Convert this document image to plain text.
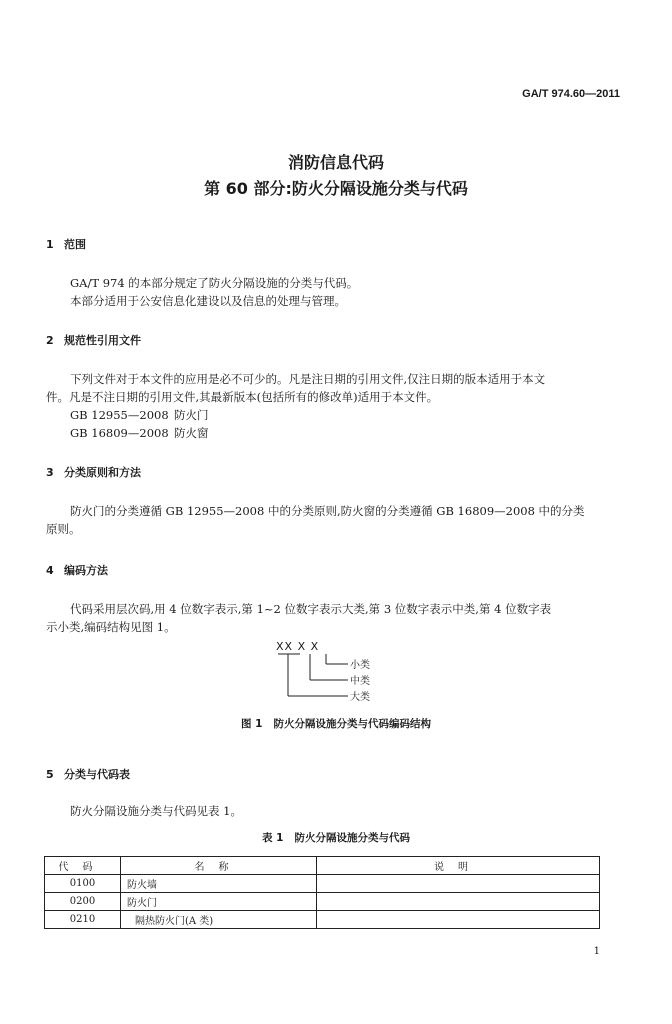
GA/T 974.60—2011
消防信息代码
第 60 部分:防火分隔设施分类与代码
1 范围
GA/T 974 的本部分规定了防火分隔设施的分类与代码。
本部分适用于公安信息化建设以及信息的处理与管理。
2 规范性引用文件
下列文件对于本文件的应用是必不可少的。凡是注日期的引用文件,仅注日期的版本适用于本文
件。凡是不注日期的引用文件,其最新版本(包括所有的修改单)适用于本文件。
GB 12955—2008 防火门
GB 16809—2008 防火窗
3 分类原则和方法
防火门的分类遵循 GB 12955—2008 中的分类原则,防火窗的分类遵循 GB 16809—2008 中的分类
原则。
4 编码方法
代码采用层次码,用 4 位数字表示,第 1~2 位数字表示大类,第 3 位数字表示中类,第 4 位数字表
示小类,编码结构见图 1。
XX X X
小类
中类
大类
图 1   防火分隔设施分类与代码编码结构
5 分类与代码表
防火分隔设施分类与代码见表 1。
表 1   防火分隔设施分类与代码
代码	名称	说明
0100	防火墙	
0200	防火门	
0210	隔热防火门(A 类)	
1
